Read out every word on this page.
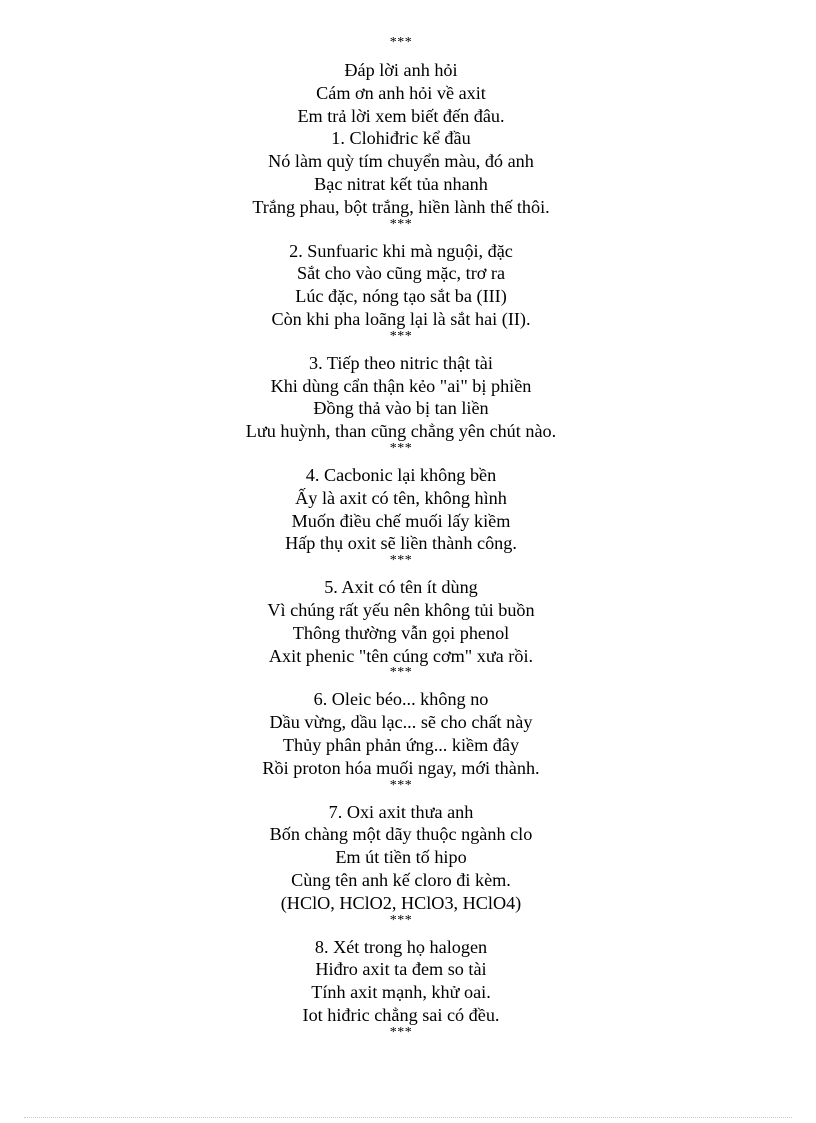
***
Đáp lời anh hỏi
Cám ơn anh hỏi về axit
Em trả lời xem biết đến đâu.
1. Clohiđric kể đầu
Nó làm quỳ tím chuyển màu, đó anh
Bạc nitrat kết tủa nhanh
Trắng phau, bột trắng, hiền lành thế thôi.
***
2. Sunfuaric khi mà nguội, đặc
Sắt cho vào cũng mặc, trơ ra
Lúc đặc, nóng tạo sắt ba (III)
Còn khi pha loãng lại là sắt hai (II).
***
3. Tiếp theo nitric thật tài
Khi dùng cẩn thận kẻo "ai" bị phiền
Đồng thả vào bị tan liền
Lưu huỳnh, than cũng chẳng yên chút nào.
***
4. Cacbonic lại không bền
Ấy là axit có tên, không hình
Muốn điều chế muối lấy kiềm
Hấp thụ oxit sẽ liền thành công.
***
5. Axit có tên ít dùng
Vì chúng rất yếu nên không tủi buồn
Thông thường vẫn gọi phenol
Axit phenic "tên cúng cơm" xưa rồi.
***
6. Oleic béo... không no
Dầu vừng, dầu lạc... sẽ cho chất này
Thủy phân phản ứng... kiềm đây
Rồi proton hóa muối ngay, mới thành.
***
7. Oxi axit thưa anh
Bốn chàng một dãy thuộc ngành clo
Em út tiền tố hipo
Cùng tên anh kế cloro đi kèm.
(HClO, HClO2, HClO3, HClO4)
***
8. Xét trong họ halogen
Hiđro axit ta đem so tài
Tính axit mạnh, khử oai.
Iot hiđric chẳng sai có đều.
***
